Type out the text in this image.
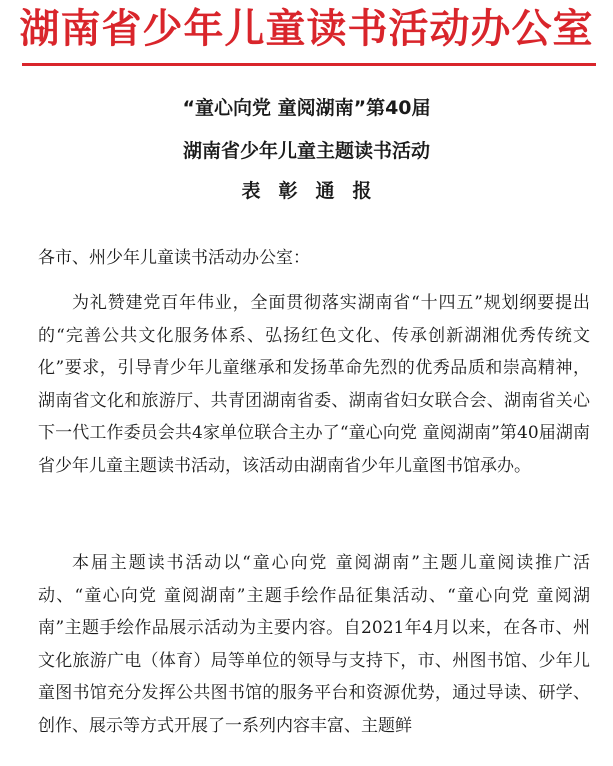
湖南省少年儿童读书活动办公室
“童心向党 童阅湖南”第40届
湖南省少年儿童主题读书活动
表彰通报
各市、州少年儿童读书活动办公室：

为礼赞建党百年伟业，全面贯彻落实湖南省“十四五”规划纲要提出的“完善公共文化服务体系、弘扬红色文化、传承创新湖湘优秀传统文化”要求，引导青少年儿童继承和发扬革命先烈的优秀品质和崇高精神，湖南省文化和旅游厅、共青团湖南省委、湖南省妇女联合会、湖南省关心下一代工作委员会共4家单位联合主办了“童心向党 童阅湖南”第40届湖南省少年儿童主题读书活动，该活动由湖南省少年儿童图书馆承办。

本届主题读书活动以“童心向党 童阅湖南”主题儿童阅读推广活动、“童心向党 童阅湖南”主题手绘作品征集活动、“童心向党 童阅湖南”主题手绘作品展示活动为主要内容。自2021年4月以来，在各市、州文化旅游广电（体育）局等单位的领导与支持下，市、州图书馆、少年儿童图书馆充分发挥公共图书馆的服务平台和资源优势，通过导读、研学、创作、展示等方式开展了一系列内容丰富、主题鲜
